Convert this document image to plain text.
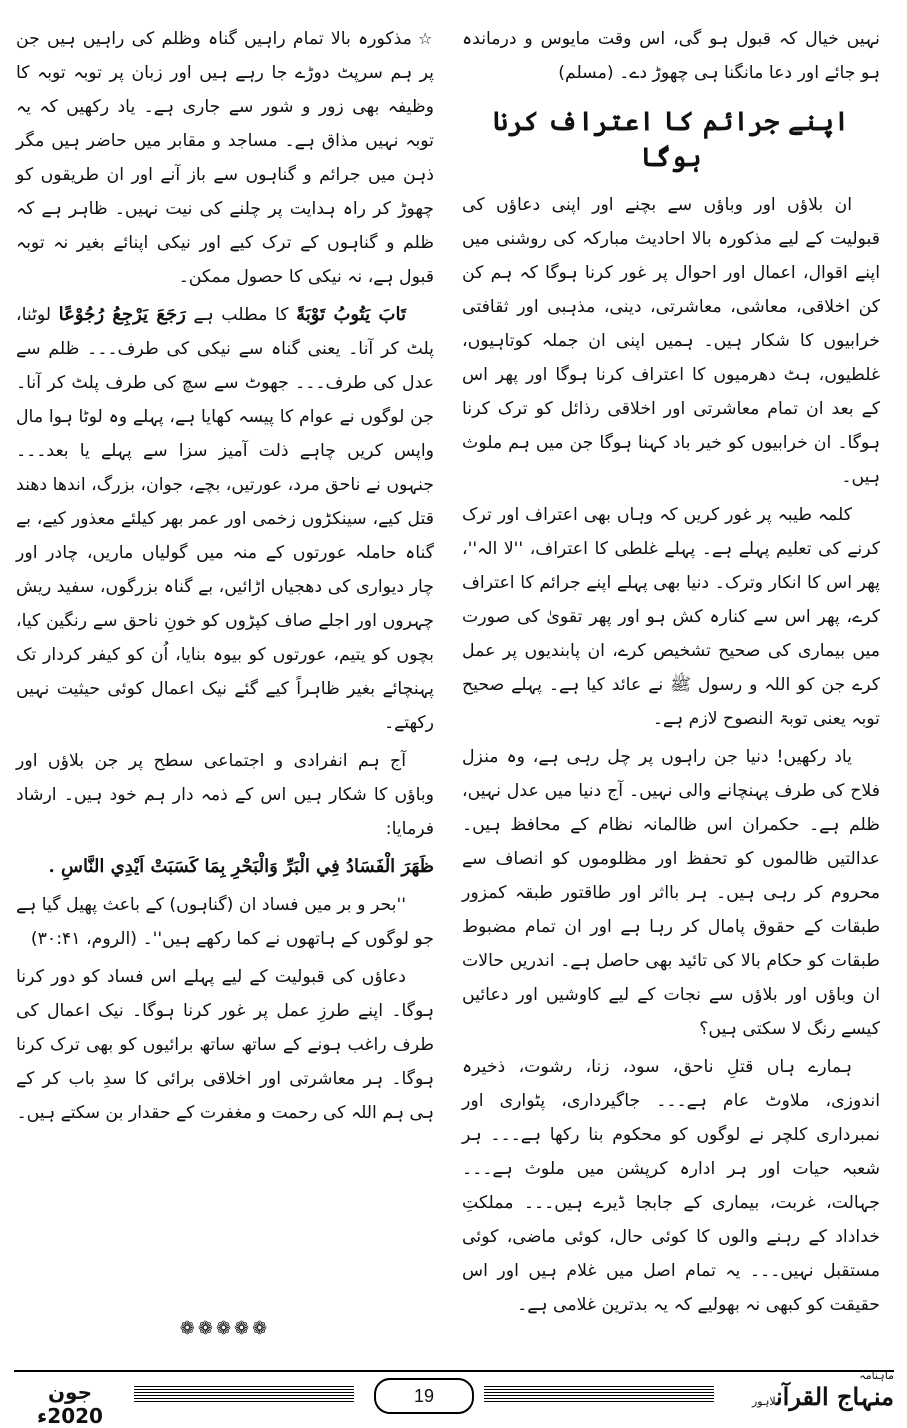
نہیں خیال کہ قبول ہو گی، اس وقت مایوس و درماندہ ہو جائے اور دعا مانگنا ہی چھوڑ دے۔ (مسلم)

اپنے جرائم کا اعتراف کرنا ہوگا

ان بلاؤں اور وباؤں سے بچنے اور اپنی دعاؤں کی قبولیت کے لیے مذکورہ بالا احادیث مبارکہ کی روشنی میں اپنے اقوال، اعمال اور احوال پر غور کرنا ہوگا کہ ہم کن کن اخلاقی، معاشی، معاشرتی، دینی، مذہبی اور ثقافتی خرابیوں کا شکار ہیں۔ ہمیں اپنی ان جملہ کوتاہیوں، غلطیوں، ہٹ دھرمیوں کا اعتراف کرنا ہوگا اور پھر اس کے بعد ان تمام معاشرتی اور اخلاقی رذائل کو ترک کرنا ہوگا۔ ان خرابیوں کو خیر باد کہنا ہوگا جن میں ہم ملوث ہیں۔

کلمہ طیبہ پر غور کریں کہ وہاں بھی اعتراف اور ترک کرنے کی تعلیم پہلے ہے۔ پہلے غلطی کا اعتراف، ''لا الہ''، پھر اس کا انکار وترک۔ دنیا بھی پہلے اپنے جرائم کا اعتراف کرے، پھر اس سے کنارہ کش ہو اور پھر تقویٰ کی صورت میں بیماری کی صحیح تشخیص کرے، ان پابندیوں پر عمل کرے جن کو اللہ و رسول ﷺ نے عائد کیا ہے۔ پہلے صحیح توبہ یعنی توبۃ النصوح لازم ہے۔

یاد رکھیں! دنیا جن راہوں پر چل رہی ہے، وہ منزل فلاح کی طرف پہنچانے والی نہیں۔ آج دنیا میں عدل نہیں، ظلم ہے۔ حکمران اس ظالمانہ نظام کے محافظ ہیں۔ عدالتیں ظالموں کو تحفظ اور مظلوموں کو انصاف سے محروم کر رہی ہیں۔ ہر بااثر اور طاقتور طبقہ کمزور طبقات کے حقوق پامال کر رہا ہے اور ان تمام مضبوط طبقات کو حکام بالا کی تائید بھی حاصل ہے۔ اندریں حالات ان وباؤں اور بلاؤں سے نجات کے لیے کاوشیں اور دعائیں کیسے رنگ لا سکتی ہیں؟

ہمارے ہاں قتلِ ناحق، سود، زنا، رشوت، ذخیرہ اندوزی، ملاوٹ عام ہے۔۔۔ جاگیرداری، پٹواری اور نمبرداری کلچر نے لوگوں کو محکوم بنا رکھا ہے۔۔۔ ہر شعبہ حیات اور ہر ادارہ کرپشن میں ملوث ہے۔۔۔ جہالت، غربت، بیماری کے جابجا ڈیرے ہیں۔۔۔ مملکتِ خداداد کے رہنے والوں کا کوئی حال، کوئی ماضی، کوئی مستقبل نہیں۔۔۔ یہ تمام اصل میں غلام ہیں اور اس حقیقت کو کبھی نہ بھولیے کہ یہ بدترین غلامی ہے۔

☆مذکورہ بالا تمام راہیں گناہ وظلم کی راہیں ہیں جن پر ہم سرپٹ دوڑے جا رہے ہیں اور زبان پر توبہ توبہ کا وظیفہ بھی زور و شور سے جاری ہے۔ یاد رکھیں کہ یہ توبہ نہیں مذاق ہے۔ مساجد و مقابر میں حاضر ہیں مگر ذہن میں جرائم و گناہوں سے باز آنے اور ان طریقوں کو چھوڑ کر راہ ہدایت پر چلنے کی نیت نہیں۔ ظاہر ہے کہ ظلم و گناہوں کے ترک کیے اور نیکی اپنائے بغیر نہ توبہ قبول ہے، نہ نیکی کا حصول ممکن۔

تَابَ يَتُوبُ تَوْبَةً کا مطلب ہے رَجَعَ يَرْجِعُ رُجُوْعًا لوٹنا، پلٹ کر آنا۔ یعنی گناہ سے نیکی کی طرف۔۔۔ ظلم سے عدل کی طرف۔۔۔ جھوٹ سے سچ کی طرف پلٹ کر آنا۔ جن لوگوں نے عوام کا پیسہ کھایا ہے، پہلے وہ لوٹا ہوا مال واپس کریں چاہے ذلت آمیز سزا سے پہلے یا بعد۔۔۔ جنہوں نے ناحق مرد، عورتیں، بچے، جوان، بزرگ، اندھا دھند قتل کیے، سینکڑوں زخمی اور عمر بھر کیلئے معذور کیے، بے گناہ حاملہ عورتوں کے منہ میں گولیاں ماریں، چادر اور چار دیواری کی دھجیاں اڑائیں، بے گناہ بزرگوں، سفید ریش چہروں اور اجلے صاف کپڑوں کو خونِ ناحق سے رنگین کیا، بچوں کو یتیم، عورتوں کو بیوہ بنایا، اُن کو کیفر کردار تک پہنچائے بغیر ظاہراً کیے گئے نیک اعمال کوئی حیثیت نہیں رکھتے۔

آج ہم انفرادی و اجتماعی سطح پر جن بلاؤں اور وباؤں کا شکار ہیں اس کے ذمہ دار ہم خود ہیں۔ ارشاد فرمایا:

ظَهَرَ الْفَسَادُ فِي الْبَرِّ وَالْبَحْرِ بِمَا كَسَبَتْ اَيْدِي النَّاسِ .

''بحر و بر میں فساد ان (گناہوں) کے باعث پھیل گیا ہے جو لوگوں کے ہاتھوں نے کما رکھے ہیں''۔ (الروم، ۳۰:۴۱)

دعاؤں کی قبولیت کے لیے پہلے اس فساد کو دور کرنا ہوگا۔ اپنے طرزِ عمل پر غور کرنا ہوگا۔ نیک اعمال کی طرف راغب ہونے کے ساتھ ساتھ برائیوں کو بھی ترک کرنا ہوگا۔ ہر معاشرتی اور اخلاقی برائی کا سدِ باب کر کے ہی ہم اللہ کی رحمت و مغفرت کے حقدار بن سکتے ہیں۔

❁❁❁❁❁
جون 2020ء
19
ماہنامہ
منہاج القرآنلاہور
